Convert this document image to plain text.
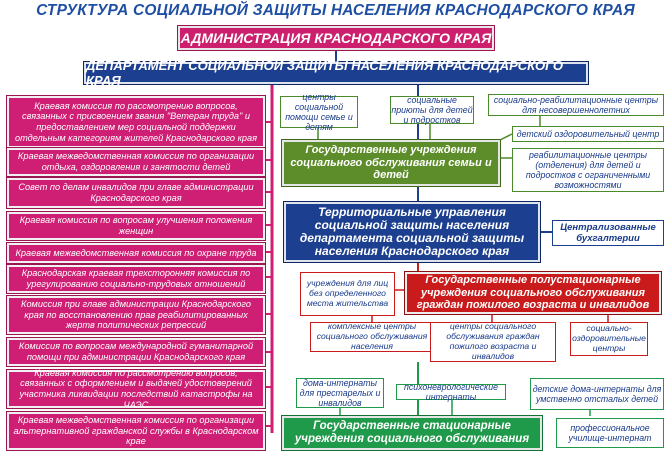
СТРУКТУРА СОЦИАЛЬНОЙ ЗАЩИТЫ НАСЕЛЕНИЯ КРАСНОДАРСКОГО КРАЯ
АДМИНИСТРАЦИЯ КРАСНОДАРСКОГО КРАЯ
ДЕПАРТАМЕНТ СОЦИАЛЬНОЙ ЗАЩИТЫ НАСЕЛЕНИЯ КРАСНОДАРСКОГО КРАЯ
Краевая комиссия по рассмотрению вопросов, связанных с присвоением звания "Ветеран труда" и предоставлением мер социальной поддержки отдельным категориям жителей Краснодарского края
Краевая межведомственная комиссия по организации отдыха, оздоровления и занятости детей
Совет по делам инвалидов при главе администрации Краснодарского края
Краевая комиссия по вопросам улучшения положения женщин
Краевая межведомственная комиссия по охране труда
Краснодарская краевая трехсторонняя комиссия по урегулированию социально-трудовых отношений
Комиссия при главе администрации Краснодарского края по восстановлению прав реабилитированных жертв политических репрессий
Комиссия по вопросам международной гуманитарной помощи при администрации Краснодарского края
Краевая комиссия по рассмотрению вопросов, связанных с оформлением и выдачей удостоверений участника ликвидации последствий катастрофы на ЧАЭС
Краевая межведомственная комиссия по организации альтернативной гражданской службы в Краснодарском крае
центры социальной помощи семье и детям
социальные приюты для детей и подростков
социально-реабилитационные центры для несовершеннолетних
Государственные учреждения социального обслуживания семьи и детей
детский оздоровительный центр
реабилитационные центры (отделения) для детей и подростков с ограниченными возможностями
Территориальные управления социальной защиты населения департамента социальной защиты населения Краснодарского края
Централизованные бухгалтерии
учреждения для лиц без определенного места жительства
Государственные полустационарные учреждения социального обслуживания граждан пожилого возраста и инвалидов
комплексные центры социального обслуживания населения
центры социального обслуживания граждан пожилого возраста и инвалидов
социально-оздоровительные центры
дома-интернаты для престарелых и инвалидов
психоневрологические интернаты
детские дома-интернаты для умственно отсталых детей
Государственные стационарные учреждения социального обслуживания
профессиональное училище-интернат
